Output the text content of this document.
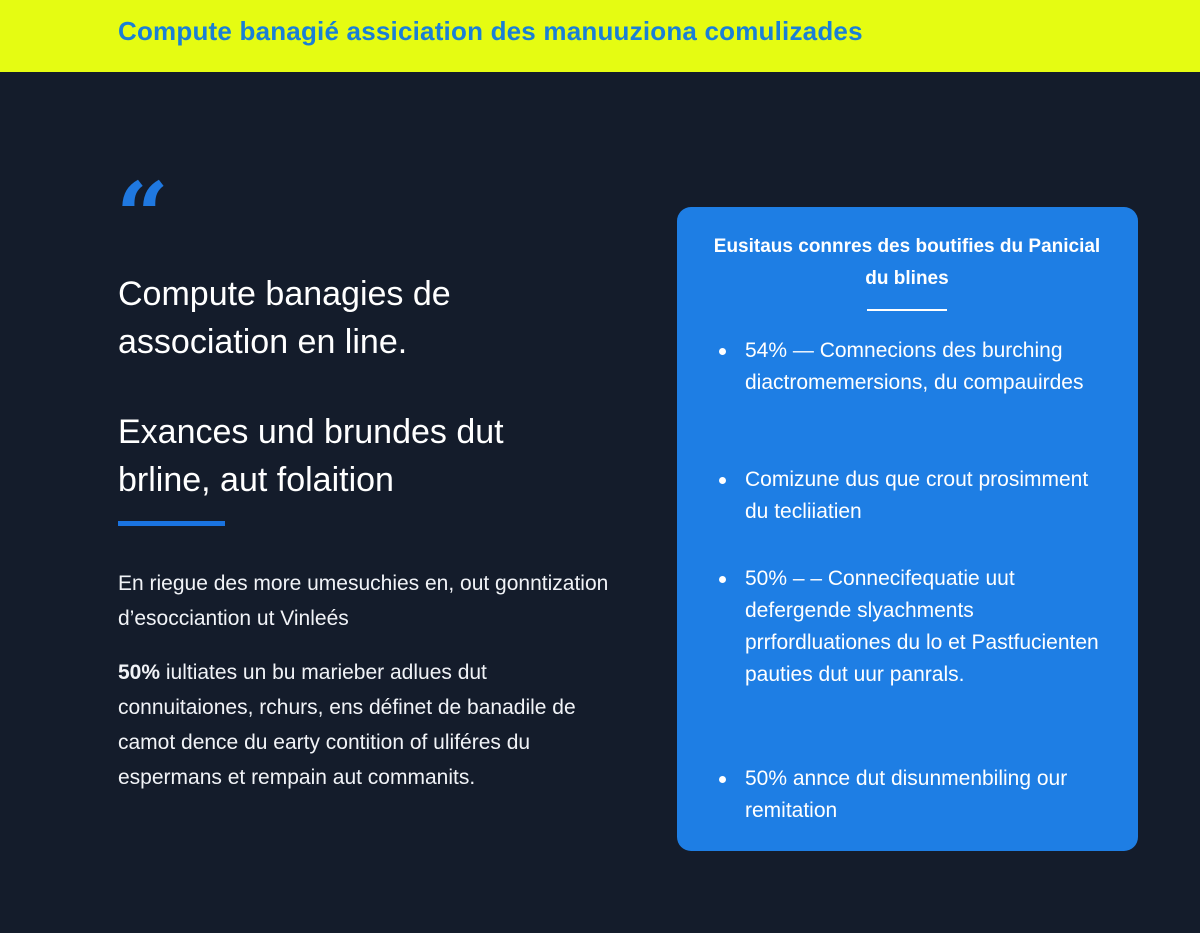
Compute banagié assiciation des manuuziona comulizades
“
Compute banagies de association en line.
Exances und brundes dut brline, aut folaition
En riegue des more umesuchies en, out gonntization d’esocciantion ut Vinleés
50% iultiates un bu marieber adlues dut connuitaiones, rchurs, ens définet de banadile de camot dence du earty contition of uliféres du espermans et rempain aut commanits.
Eusitaus connres des boutifies du Panicial du blines
54% — Comnecions des burching diactromemersions, du compauirdes
Comizune dus que crout prosimment du tecliiatien
50% – – Connecifequatie uut defergende slyachments prrfordluationes du lo et Pastfucienten pauties dut uur panrals.
50% annce dut disunmenbiling our remitation
